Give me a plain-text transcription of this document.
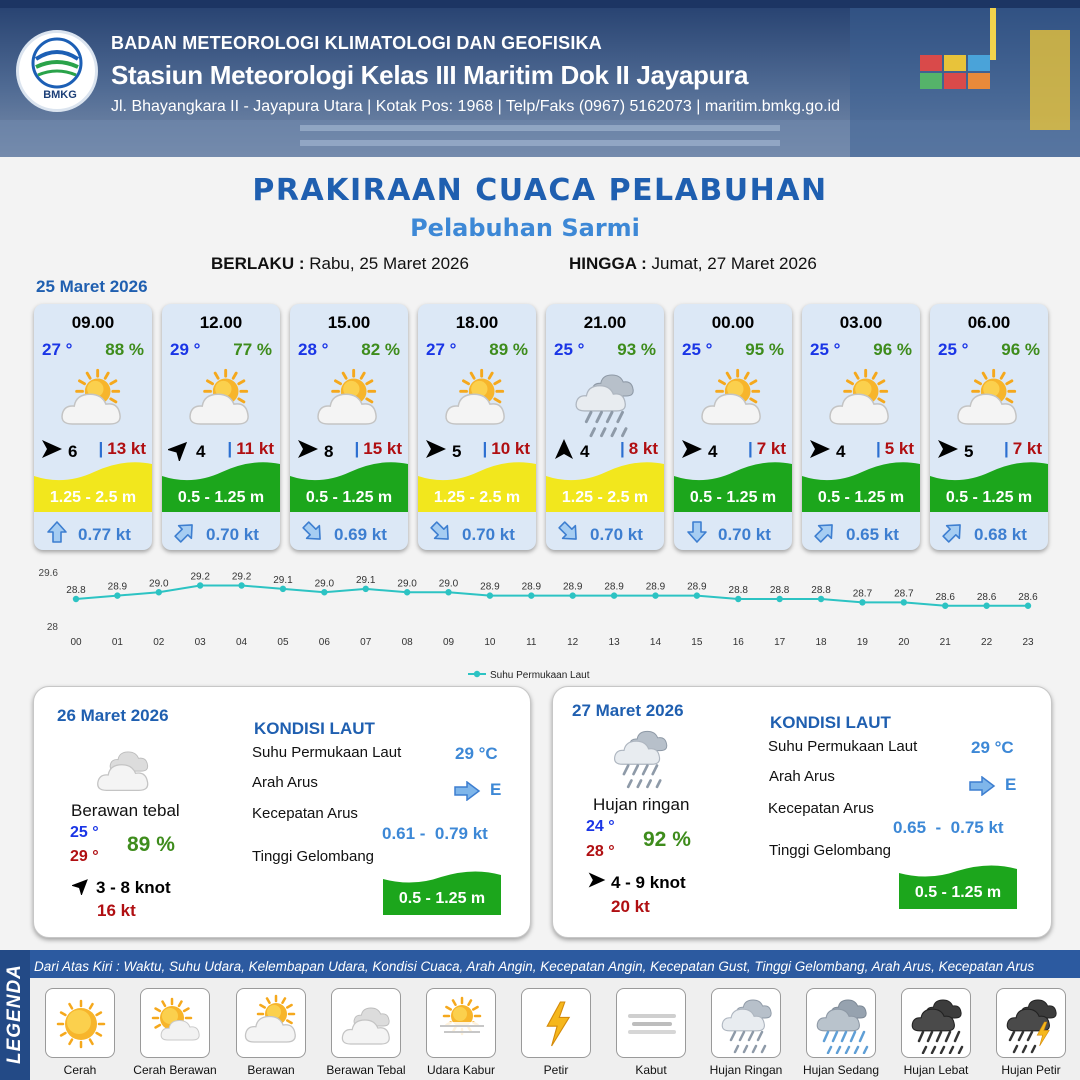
BMKG
BADAN METEOROLOGI KLIMATOLOGI DAN GEOFISIKA
Stasiun Meteorologi Kelas III Maritim Dok II Jayapura
Jl. Bhayangkara II - Jayapura Utara | Kotak Pos: 1968 | Telp/Faks (0967) 5162073 | maritim.bmkg.go.id
PRAKIRAAN CUACA PELABUHAN
Pelabuhan Sarmi
BERLAKU : Rabu, 25 Maret 2026	HINGGA : Jumat, 27 Maret 2026
25 Maret 2026
09.00
27 ° 88 %
6 | 13 kt
1.25 - 2.5 m
0.77 kt
12.00
29 ° 77 %
4 | 11 kt
0.5 - 1.25 m
0.70 kt
15.00
28 ° 82 %
8 | 15 kt
0.5 - 1.25 m
0.69 kt
18.00
27 ° 89 %
5 | 10 kt
1.25 - 2.5 m
0.70 kt
21.00
25 ° 93 %
4 | 8 kt
1.25 - 2.5 m
0.70 kt
00.00
25 ° 95 %
4 | 7 kt
0.5 - 1.25 m
0.70 kt
03.00
25 ° 96 %
4 | 5 kt
0.5 - 1.25 m
0.65 kt
06.00
25 ° 96 %
5 | 7 kt
0.5 - 1.25 m
0.68 kt
29.6
28
28.8
00
28.9
01
29.0
02
29.2
03
29.2
04
29.1
05
29.0
06
29.1
07
29.0
08
29.0
09
28.9
10
28.9
11
28.9
12
28.9
13
28.9
14
28.9
15
28.8
16
28.8
17
28.8
18
28.7
19
28.7
20
28.6
21
28.6
22
28.6
23
Suhu Permukaan Laut
26 Maret 2026
Berawan tebal
25 °
29 °
89 %
3 - 8 knot
16 kt
KONDISI LAUT
Suhu Permukaan Laut	29 °C
Arah Arus	E
Kecepatan Arus
0.61 -  0.79 kt
Tinggi Gelombang
0.5 - 1.25 m
27 Maret 2026
Hujan ringan
24 °
28 °
92 %
4 - 9 knot
20 kt
KONDISI LAUT
Suhu Permukaan Laut	29 °C
Arah Arus	E
Kecepatan Arus
0.65  -  0.75 kt
Tinggi Gelombang
0.5 - 1.25 m
LEGENDA Dari Atas Kiri : Waktu, Suhu Udara, Kelembapan Udara, Kondisi Cuaca, Arah Angin, Kecepatan Angin, Kecepatan Gust, Tinggi Gelombang, Arah Arus, Kecepatan Arus
Cerah	Cerah Berawan	Berawan	Berawan Tebal	Udara Kabur	Petir	Kabut	Hujan Ringan	Hujan Sedang	Hujan Lebat	Hujan Petir
